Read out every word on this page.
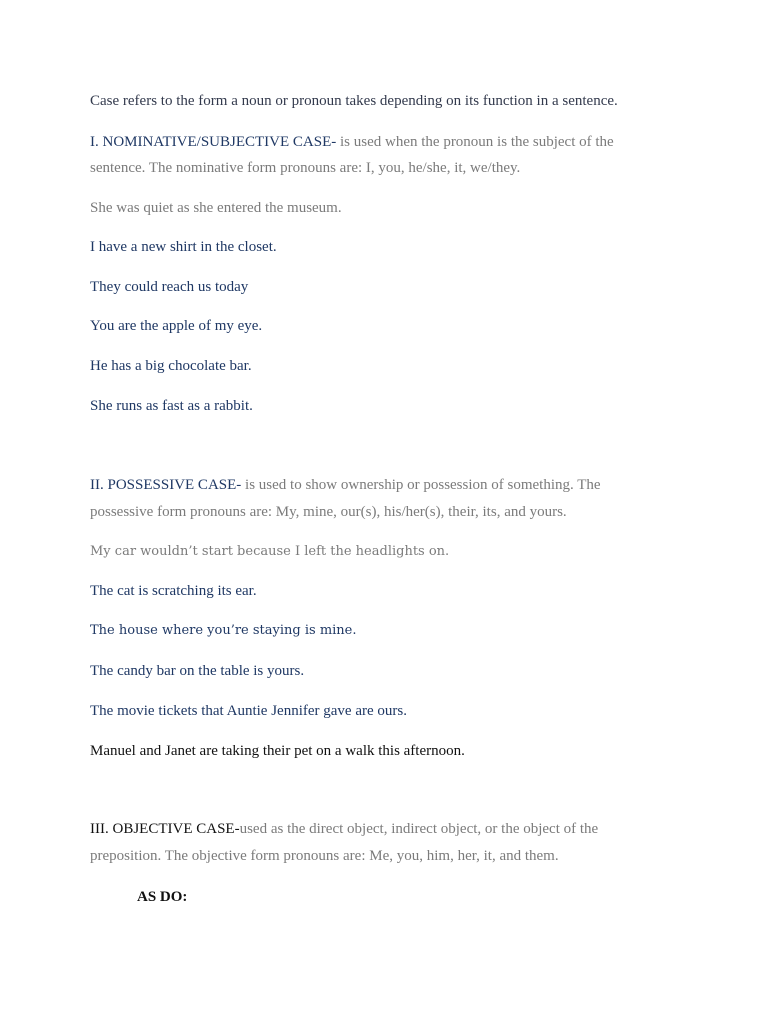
Case refers to the form a noun or pronoun takes depending on its function in a sentence.
I. NOMINATIVE/SUBJECTIVE CASE- is used when the pronoun is the subject of the
sentence. The nominative form pronouns are: I, you, he/she, it, we/they.
She was quiet as she entered the museum.
I have a new shirt in the closet.
They could reach us today
You are the apple of my eye.
He has a big chocolate bar.
She runs as fast as a rabbit.
II. POSSESSIVE CASE- is used to show ownership or possession of something. The
possessive form pronouns are: My, mine, our(s), his/her(s), their, its, and yours.
My car wouldn’t start because I left the headlights on.
The cat is scratching its ear.
The house where you’re staying is mine.
The candy bar on the table is yours.
The movie tickets that Auntie Jennifer gave are ours.
Manuel and Janet are taking their pet on a walk this afternoon.
III. OBJECTIVE CASE-used as the direct object, indirect object, or the object of the
preposition. The objective form pronouns are: Me, you, him, her, it, and them.
AS DO:
